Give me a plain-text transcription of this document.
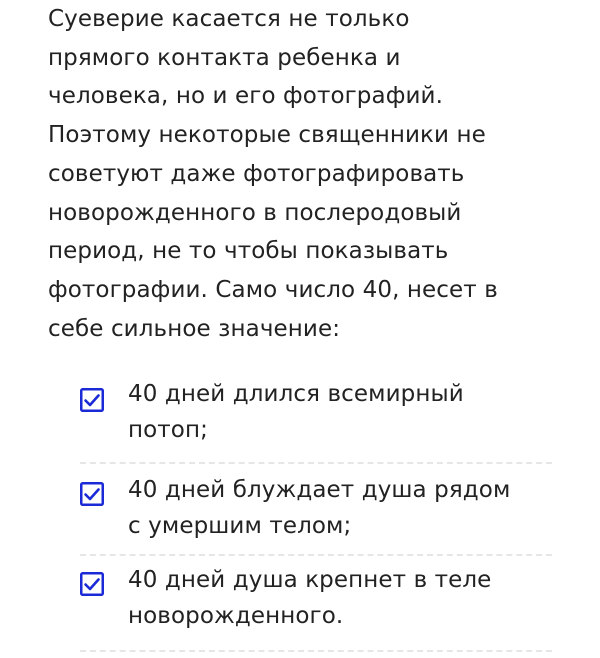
Суеверие касается не только
прямого контакта ребенка и
человека, но и его фотографий.
Поэтому некоторые священники не
советуют даже фотографировать
новорожденного в послеродовый
период, не то чтобы показывать
фотографии. Само число 40, несет в
себе сильное значение:

40 дней длился всемирный
потоп;
40 дней блуждает душа рядом
с умершим телом;
40 дней душа крепнет в теле
новорожденного.
